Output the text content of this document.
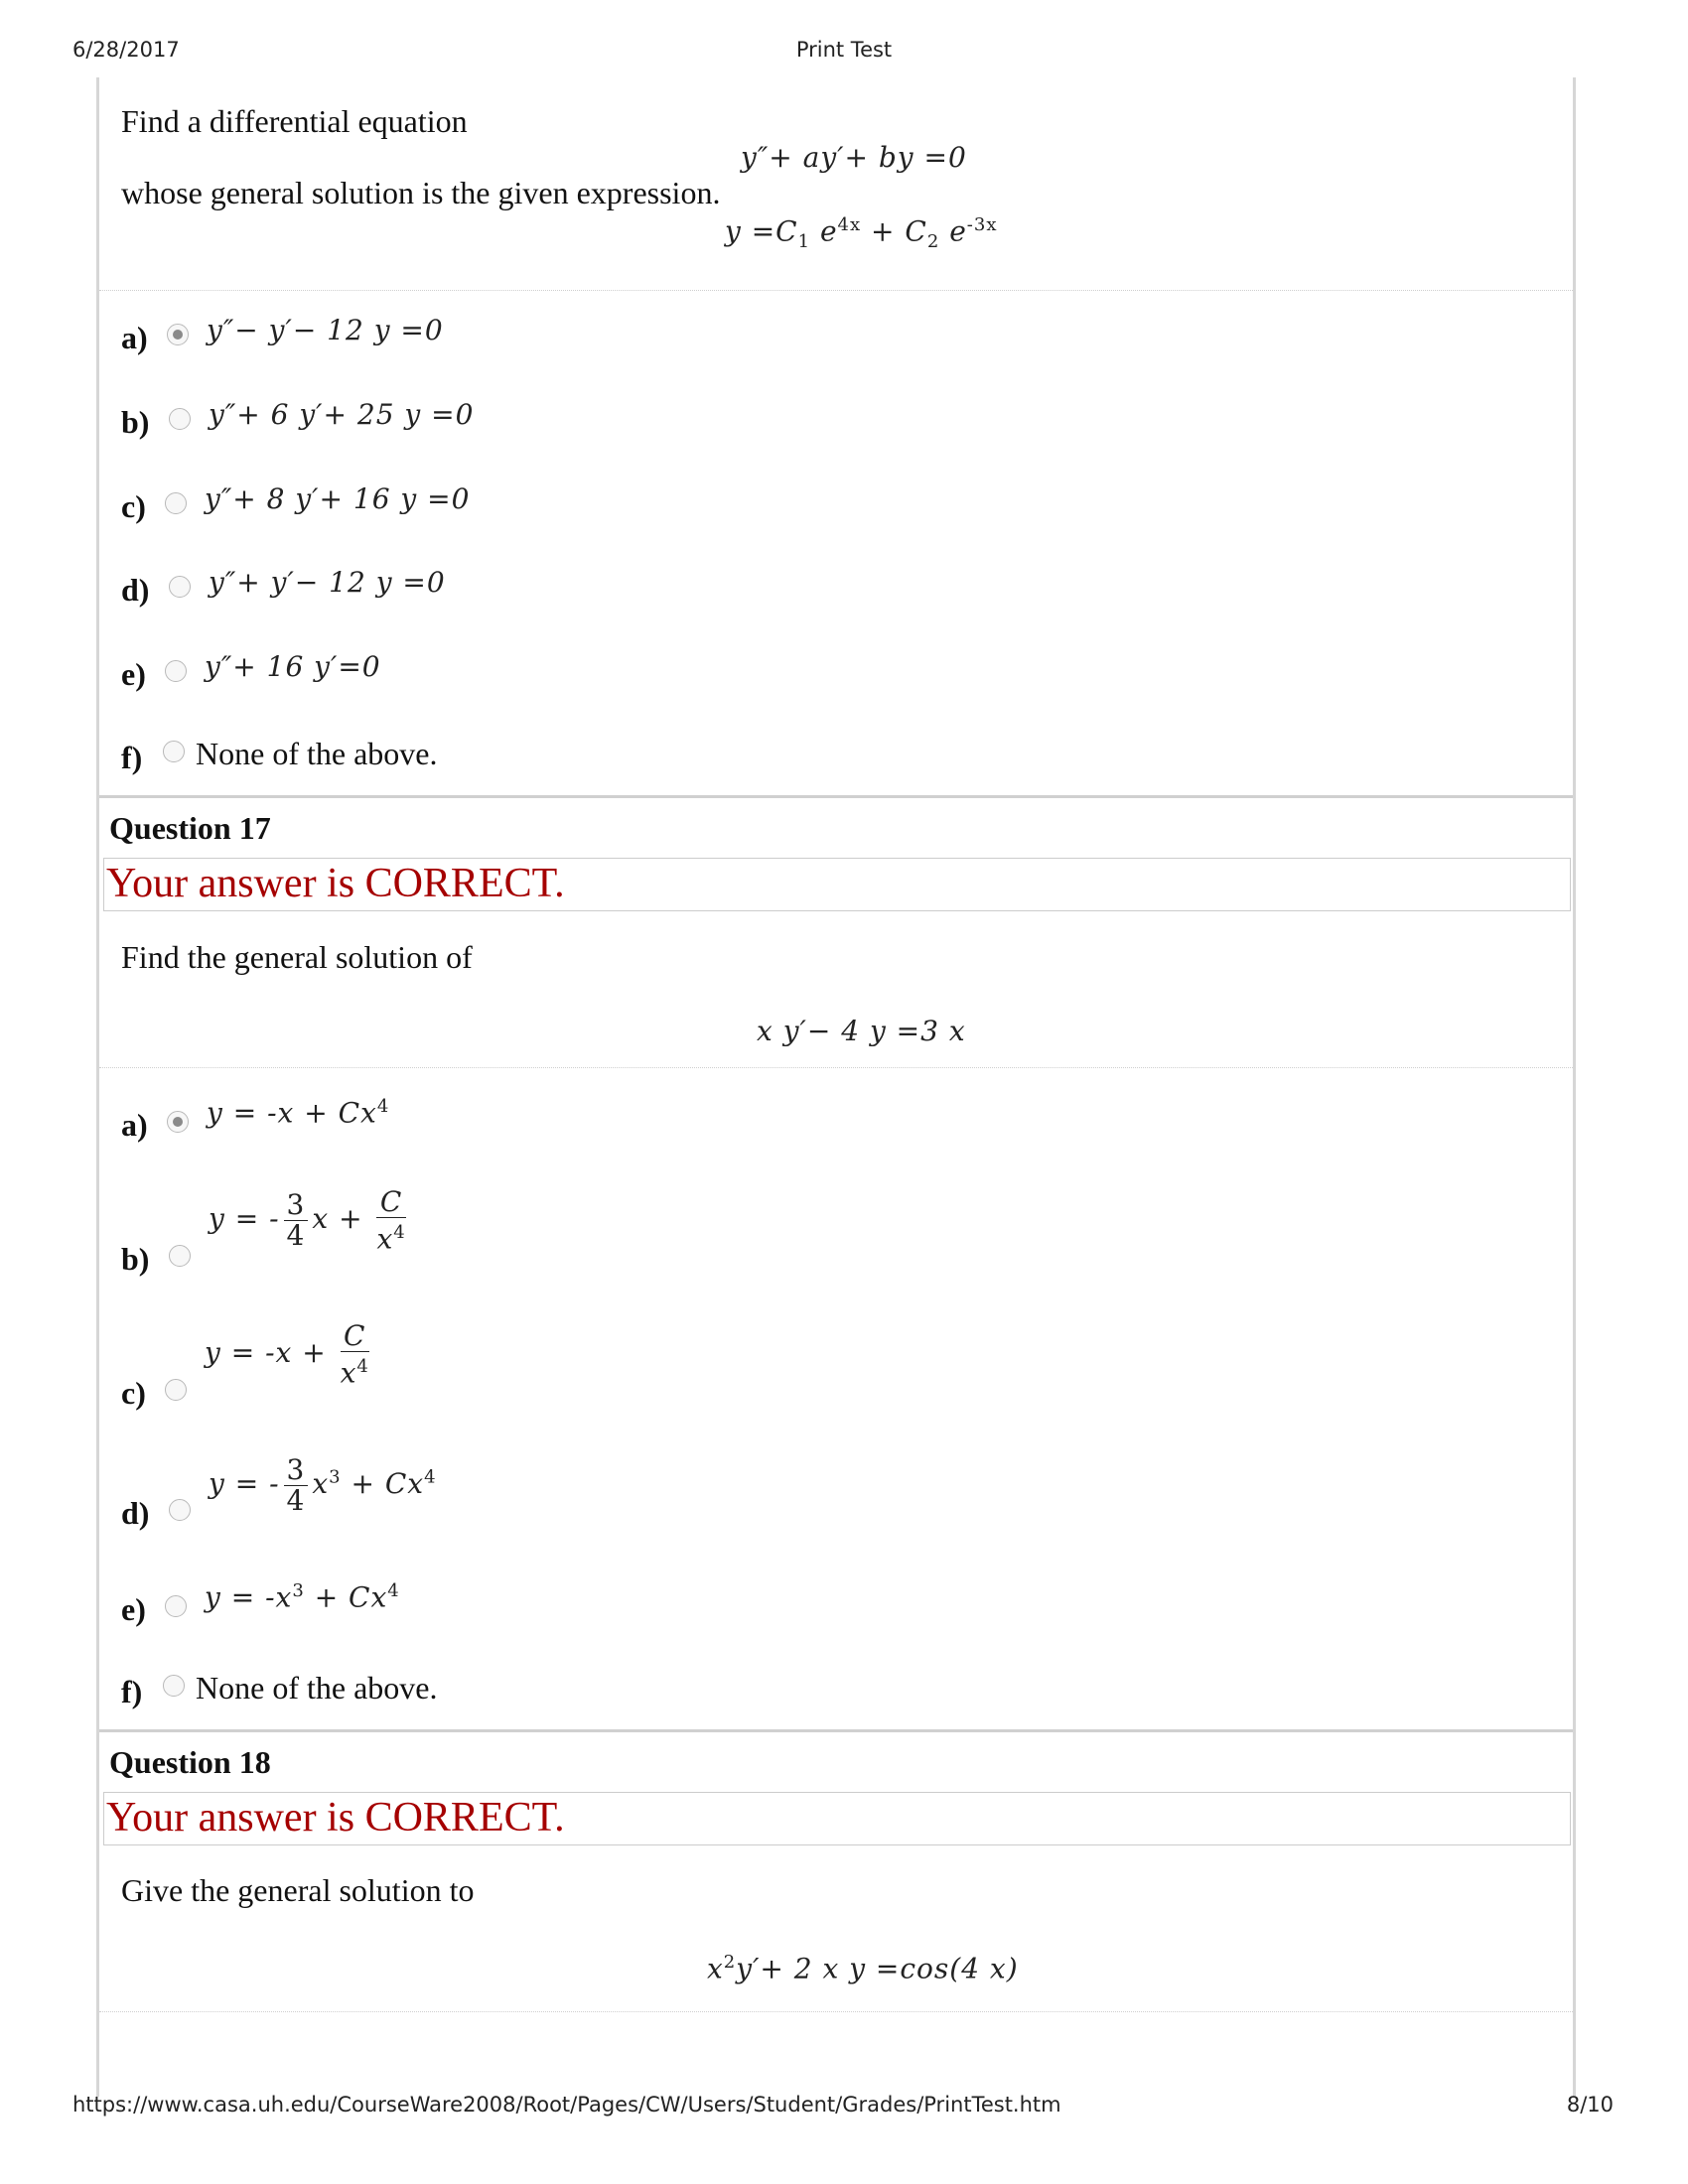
6/28/2017	Print Test
Find a differential equation
y″+ ay′+ by =0
whose general solution is the given expression.
$y =C_1$ $e^{4x} + C_2$ $e^{-3x}$
a) y″− y′− 12 y =0
b) y″+ 6 y′+ 25 y =0
c) y″+ 8 y′+ 16 y =0
d) y″+ y′− 12 y =0
e) y″+ 16 y′=0
f) None of the above.
Question 17
Your answer is CORRECT.
Find the general solution of
x y′− 4 y =3 x
a) $y = -x + Cx^4$
b)
y = - $\frac{3}{4}$ $x + \frac{C}{x^4}$
c)
$y = -x + \frac{C}{x^4}$
d)
y = - $\frac{3}{4} x^3 + Cx^4$
e) $y = -x^3 + Cx^4$
f) None of the above.
Question 18
Your answer is CORRECT.
Give the general solution to
$x^2y'+ 2$ x y =cos(4 x)
https://www.casa.uh.edu/CourseWare2008/Root/Pages/CW/Users/Student/Grades/PrintTest.htm	8/10
